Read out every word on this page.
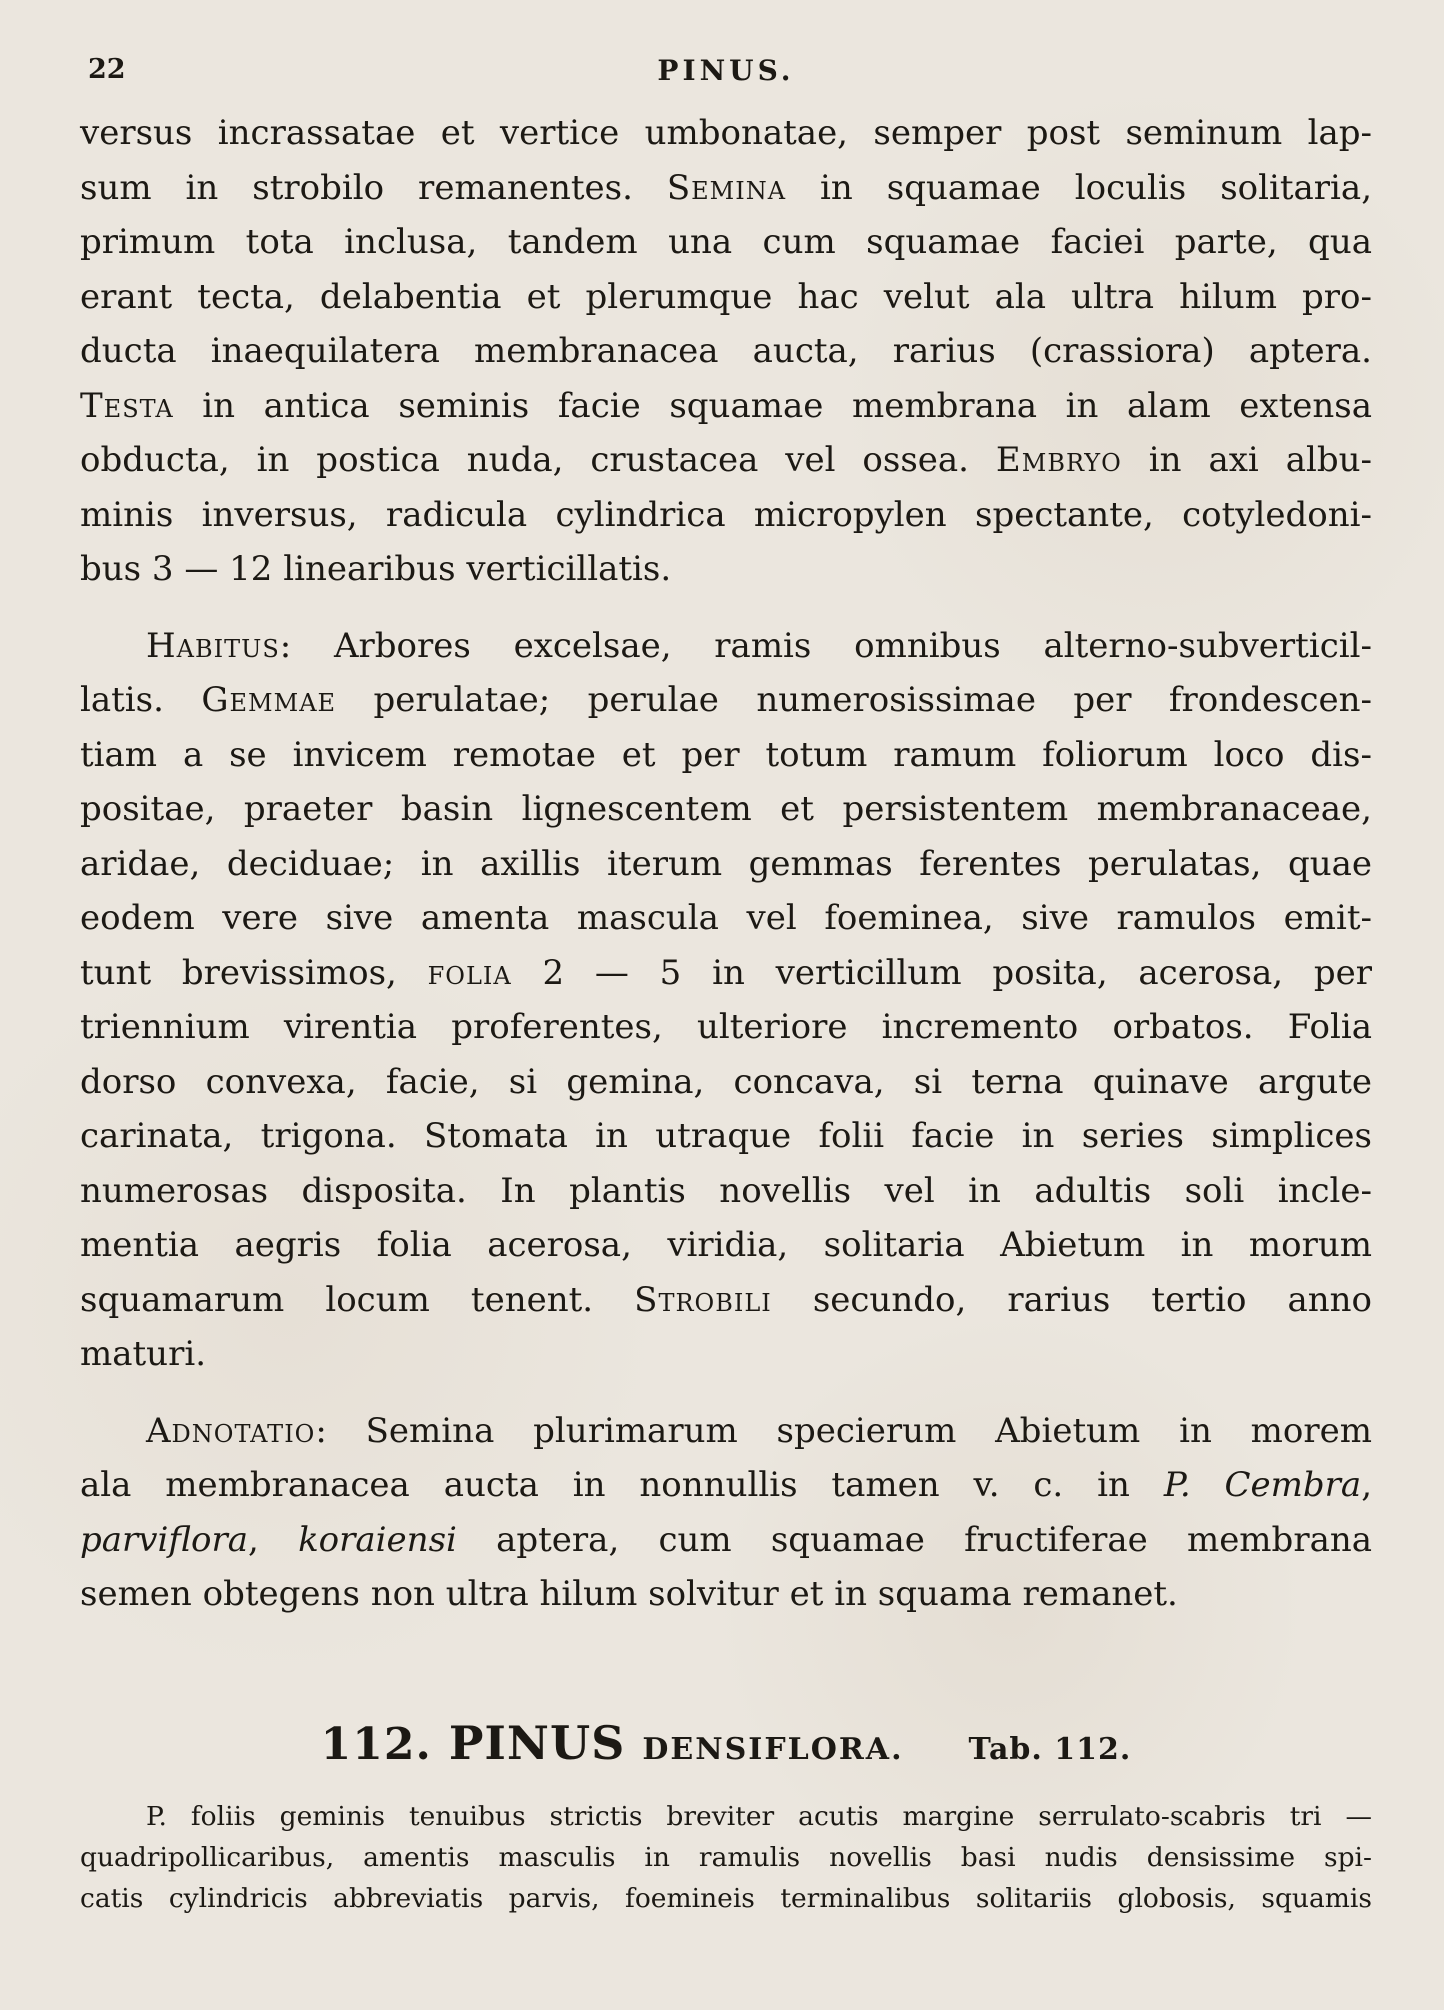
22	PINUS.
versus incrassatae et vertice umbonatae, semper post seminum lap-
sum in strobilo remanentes. Semina in squamae loculis solitaria,
primum tota inclusa, tandem una cum squamae faciei parte, qua
erant tecta, delabentia et plerumque hac velut ala ultra hilum pro-
ducta inaequilatera membranacea aucta, rarius (crassiora) aptera.
Testa in antica seminis facie squamae membrana in alam extensa
obducta, in postica nuda, crustacea vel ossea. Embryo in axi albu-
minis inversus, radicula cylindrica micropylen spectante, cotyledoni-
bus 3 — 12 linearibus verticillatis.
Habitus: Arbores excelsae, ramis omnibus alterno-subverticil-
latis. Gemmae perulatae; perulae numerosissimae per frondescen-
tiam a se invicem remotae et per totum ramum foliorum loco dis-
positae, praeter basin lignescentem et persistentem membranaceae,
aridae, deciduae; in axillis iterum gemmas ferentes perulatas, quae
eodem vere sive amenta mascula vel foeminea, sive ramulos emit-
tunt brevissimos, folia 2 — 5 in verticillum posita, acerosa, per
triennium virentia proferentes, ulteriore incremento orbatos. Folia
dorso convexa, facie, si gemina, concava, si terna quinave argute
carinata, trigona. Stomata in utraque folii facie in series simplices
numerosas disposita. In plantis novellis vel in adultis soli incle-
mentia aegris folia acerosa, viridia, solitaria Abietum in morum
squamarum locum tenent. Strobili secundo, rarius tertio anno
maturi.
Adnotatio: Semina plurimarum specierum Abietum in morem
ala membranacea aucta in nonnullis tamen v. c. in P. Cembra,
parviflora, koraiensi aptera, cum squamae fructiferae membrana
semen obtegens non ultra hilum solvitur et in squama remanet.
112. PINUS DENSIFLORA. Tab. 112.
P. foliis geminis tenuibus strictis breviter acutis margine serrulato-scabris tri —
quadripollicaribus, amentis masculis in ramulis novellis basi nudis densissime spi-
catis cylindricis abbreviatis parvis, foemineis terminalibus solitariis globosis, squamis
